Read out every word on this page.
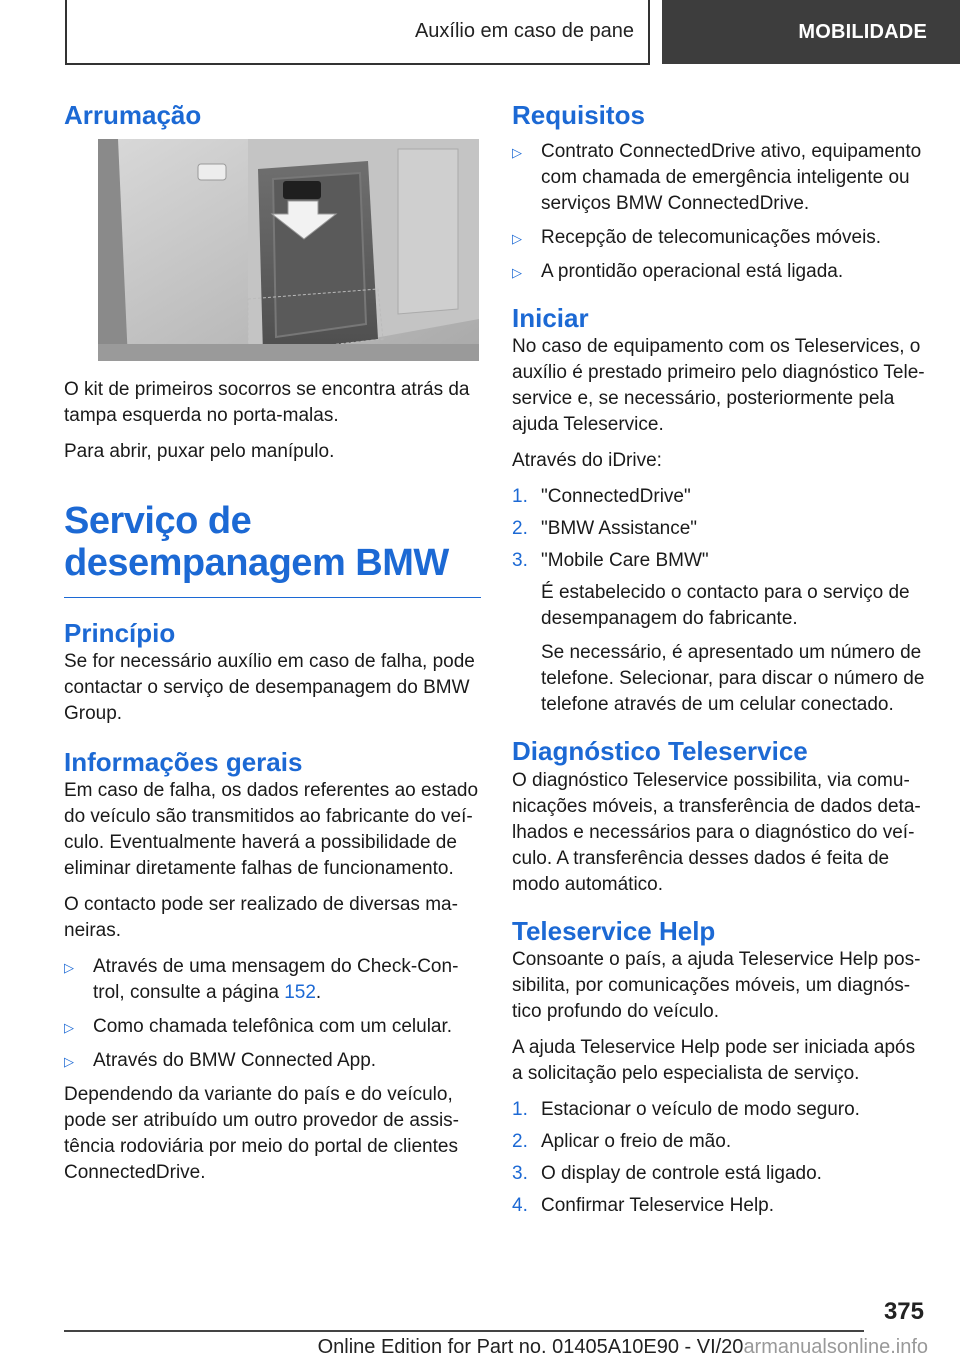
Auxílio em caso de pane	MOBILIDADE
Arrumação

O kit de primeiros socorros se encontra atrás da tampa esquerda no porta-malas.

Para abrir, puxar pelo manípulo.

Serviço de desempanagem BMW
Princípio

Se for necessário auxílio em caso de falha, pode contactar o serviço de desempanagem do BMW Group.

Informações gerais

Em caso de falha, os dados referentes ao estado do veículo são transmitidos ao fabricante do veículo. Eventualmente haverá a possibilidade de eliminar diretamente falhas de funcionamento.

O contacto pode ser realizado de diversas maneiras.

▷ Através de uma mensagem do Check-Control, consulte a página 152.
▷ Como chamada telefônica com um celular.
▷ Através do BMW Connected App.

Dependendo da variante do país e do veículo, pode ser atribuído um outro provedor de assistência rodoviária por meio do portal de clientes ConnectedDrive.

Requisitos
▷ Contrato ConnectedDrive ativo, equipamento com chamada de emergência inteligente ou serviços BMW ConnectedDrive.
▷ Recepção de telecomunicações móveis.
▷ A prontidão operacional está ligada.
Iniciar

No caso de equipamento com os Teleservices, o auxílio é prestado primeiro pelo diagnóstico Teleservice e, se necessário, posteriormente pela ajuda Teleservice.

Através do iDrive:

1. "ConnectedDrive"
2. "BMW Assistance"
3. "Mobile Care BMW"

É estabelecido o contacto para o serviço de desempanagem do fabricante.

Se necessário, é apresentado um número de telefone. Selecionar, para discar o número de telefone através de um celular conectado.

Diagnóstico Teleservice

O diagnóstico Teleservice possibilita, via comunicações móveis, a transferência de dados detalhados e necessários para o diagnóstico do veículo. A transferência desses dados é feita de modo automático.

Teleservice Help

Consoante o país, a ajuda Teleservice Help possibilita, por comunicações móveis, um diagnóstico profundo do veículo.

A ajuda Teleservice Help pode ser iniciada após a solicitação pelo especialista de serviço.

1. Estacionar o veículo de modo seguro.
2. Aplicar o freio de mão.
3. O display de controle está ligado.
4. Confirmar Teleservice Help.
375
Online Edition for Part no. 01405A10E90 - VI/20armanualsonline.info
